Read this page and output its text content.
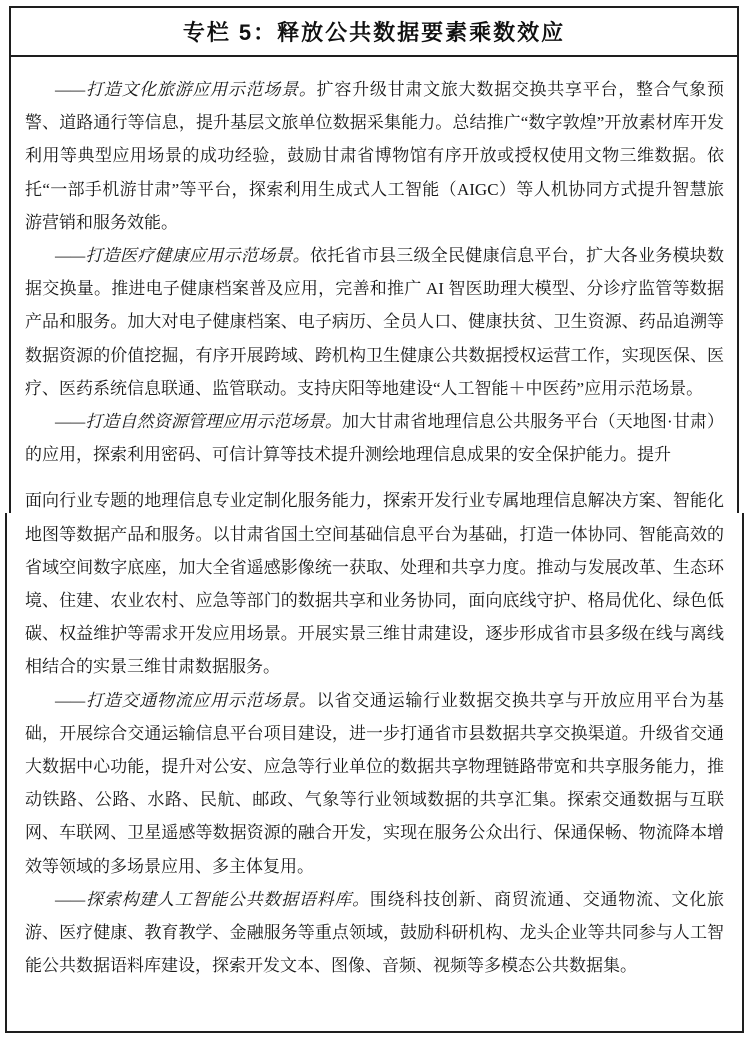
专栏 5：释放公共数据要素乘数效应

——打造文化旅游应用示范场景。扩容升级甘肃文旅大数据交换共享平台，整合气象预警、道路通行等信息，提升基层文旅单位数据采集能力。总结推广“数字敦煌”开放素材库开发利用等典型应用场景的成功经验，鼓励甘肃省博物馆有序开放或授权使用文物三维数据。依托“一部手机游甘肃”等平台，探索利用生成式人工智能（AIGC）等人机协同方式提升智慧旅游营销和服务效能。

——打造医疗健康应用示范场景。依托省市县三级全民健康信息平台，扩大各业务模块数据交换量。推进电子健康档案普及应用，完善和推广 AI 智医助理大模型、分诊疗监管等数据产品和服务。加大对电子健康档案、电子病历、全员人口、健康扶贫、卫生资源、药品追溯等数据资源的价值挖掘，有序开展跨域、跨机构卫生健康公共数据授权运营工作，实现医保、医疗、医药系统信息联通、监管联动。支持庆阳等地建设“人工智能＋中医药”应用示范场景。

——打造自然资源管理应用示范场景。加大甘肃省地理信息公共服务平台（天地图·甘肃）的应用，探索利用密码、可信计算等技术提升测绘地理信息成果的安全保护能力。提升

面向行业专题的地理信息专业定制化服务能力，探索开发行业专属地理信息解决方案、智能化地图等数据产品和服务。以甘肃省国土空间基础信息平台为基础，打造一体协同、智能高效的省域空间数字底座，加大全省遥感影像统一获取、处理和共享力度。推动与发展改革、生态环境、住建、农业农村、应急等部门的数据共享和业务协同，面向底线守护、格局优化、绿色低碳、权益维护等需求开发应用场景。开展实景三维甘肃建设，逐步形成省市县多级在线与离线相结合的实景三维甘肃数据服务。

——打造交通物流应用示范场景。以省交通运输行业数据交换共享与开放应用平台为基础，开展综合交通运输信息平台项目建设，进一步打通省市县数据共享交换渠道。升级省交通大数据中心功能，提升对公安、应急等行业单位的数据共享物理链路带宽和共享服务能力，推动铁路、公路、水路、民航、邮政、气象等行业领域数据的共享汇集。探索交通数据与互联网、车联网、卫星遥感等数据资源的融合开发，实现在服务公众出行、保通保畅、物流降本增效等领域的多场景应用、多主体复用。

——探索构建人工智能公共数据语料库。围绕科技创新、商贸流通、交通物流、文化旅游、医疗健康、教育教学、金融服务等重点领域，鼓励科研机构、龙头企业等共同参与人工智能公共数据语料库建设，探索开发文本、图像、音频、视频等多模态公共数据集。
